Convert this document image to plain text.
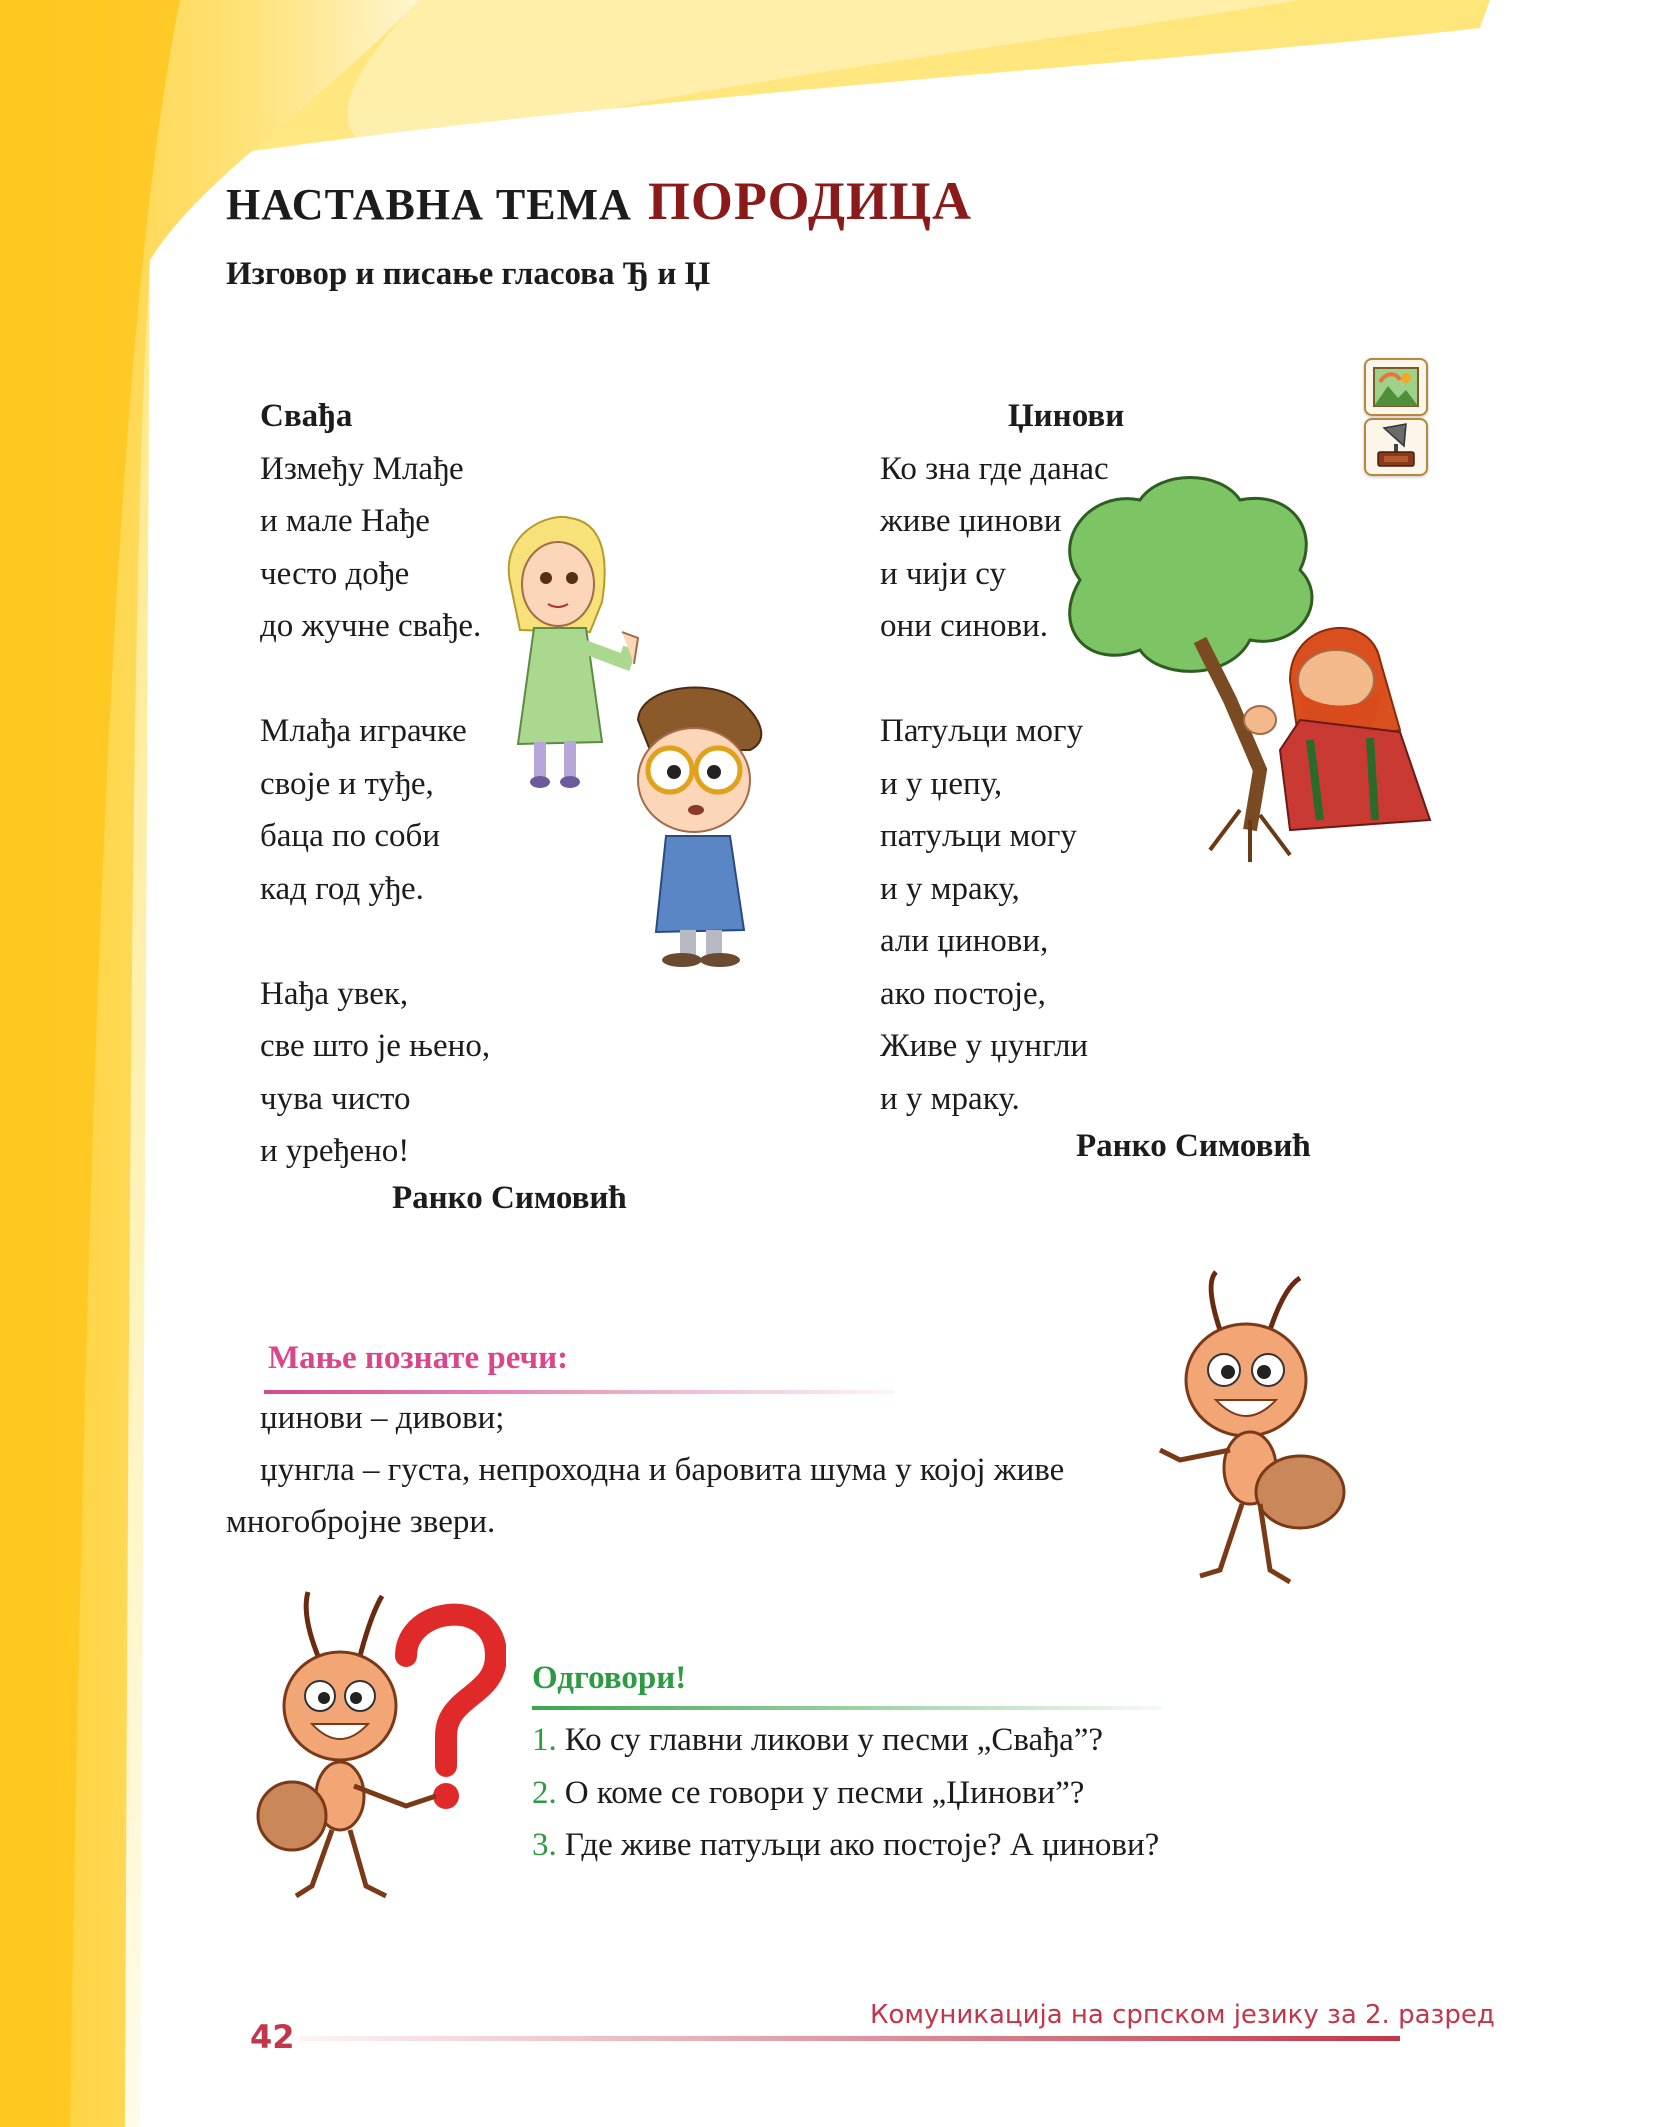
НАСТАВНА ТЕМА ПОРОДИЦА
Изговор и писање гласова Ђ и Џ
Свађа
Између Млађе
и мале Нађе
често дође
до жучне свађе.
Млађа играчке
своје и туђе,
баца по соби
кад год уђе.
Нађа увек,
све што је њено,
чува чисто
и уређено!
Ранко Симовић
Џинови
Ко зна где данас
живе џинови
и чији су
они синови.
Патуљци могу
и у џепу,
патуљци могу
и у мраку,
али џинови,
ако постоје,
Живе у џунгли
и у мраку.
Ранко Симовић
Мање познате речи:
џинови – дивови;
џунгла – густа, непроходна и баровита шума у којој живе
многобројне звери.
Одговори!
1. Ко су главни ликови у песми „Свађа”?
2. О коме се говори у песми „Џинови”?
3. Где живе патуљци ако постоје? А џинови?
Комуникација на српском језику за 2. разред
42
